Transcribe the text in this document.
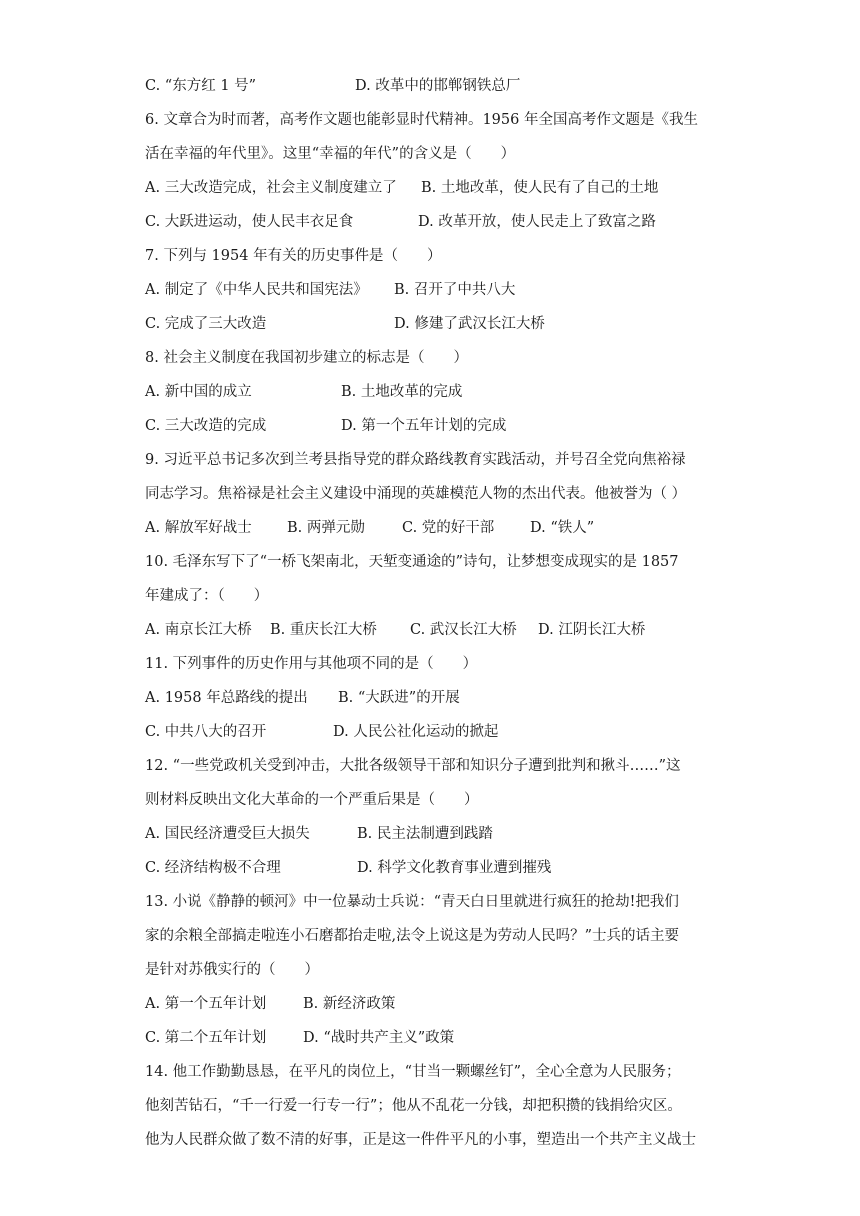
C. “东方红 1 号”	D. 改革中的邯郸钢铁总厂
6. 文章合为时而著，高考作文题也能彰显时代精神。1956 年全国高考作文题是《我生
活在幸福的年代里》。这里“幸福的年代”的含义是（　　）
A. 三大改造完成，社会主义制度建立了 B. 土地改革，使人民有了自己的土地
C. 大跃进运动，使人民丰衣足食	D. 改革开放，使人民走上了致富之路
7. 下列与 1954 年有关的历史事件是（　　）
A. 制定了《中华人民共和国宪法》 B. 召开了中共八大
C. 完成了三大改造	D. 修建了武汉长江大桥
8. 社会主义制度在我国初步建立的标志是（　　）
A. 新中国的成立	B. 土地改革的完成
C. 三大改造的完成	D. 第一个五年计划的完成
9. 习近平总书记多次到兰考县指导党的群众路线教育实践活动，并号召全党向焦裕禄
同志学习。焦裕禄是社会主义建设中涌现的英雄模范人物的杰出代表。他被誉为（ ）
A. 解放军好战士 B. 两弹元勋	C. 党的好干部 D. “铁人”
10. 毛泽东写下了“一桥飞架南北，天堑变通途的”诗句，让梦想变成现实的是 1857
年建成了：（　　）
A. 南京长江大桥 B. 重庆长江大桥 C. 武汉长江大桥 D. 江阴长江大桥
11. 下列事件的历史作用与其他项不同的是（　　）
A. 1958 年总路线的提出 B. “大跃进”的开展
C. 中共八大的召开	D. 人民公社化运动的掀起
12. “一些党政机关受到冲击，大批各级领导干部和知识分子遭到批判和揪斗……”这
则材料反映出文化大革命的一个严重后果是（　　）
A. 国民经济遭受巨大损失	B. 民主法制遭到践踏
C. 经济结构极不合理	D. 科学文化教育事业遭到摧残
13. 小说《静静的顿河》中一位暴动士兵说：“青天白日里就进行疯狂的抢劫!把我们
家的余粮全部搞走啦连小石磨都抬走啦,法令上说这是为劳动人民吗？”士兵的话主要
是针对苏俄实行的（　　）
A. 第一个五年计划	B. 新经济政策
C. 第二个五年计划	D. “战时共产主义”政策
14. 他工作勤勤恳恳，在平凡的岗位上，“甘当一颗螺丝钉”，全心全意为人民服务；
他刻苦钻石，“千一行爱一行专一行”；他从不乱花一分钱，却把积攒的钱捐给灾区。
他为人民群众做了数不清的好事，正是这一件件平凡的小事，塑造出一个共产主义战士
